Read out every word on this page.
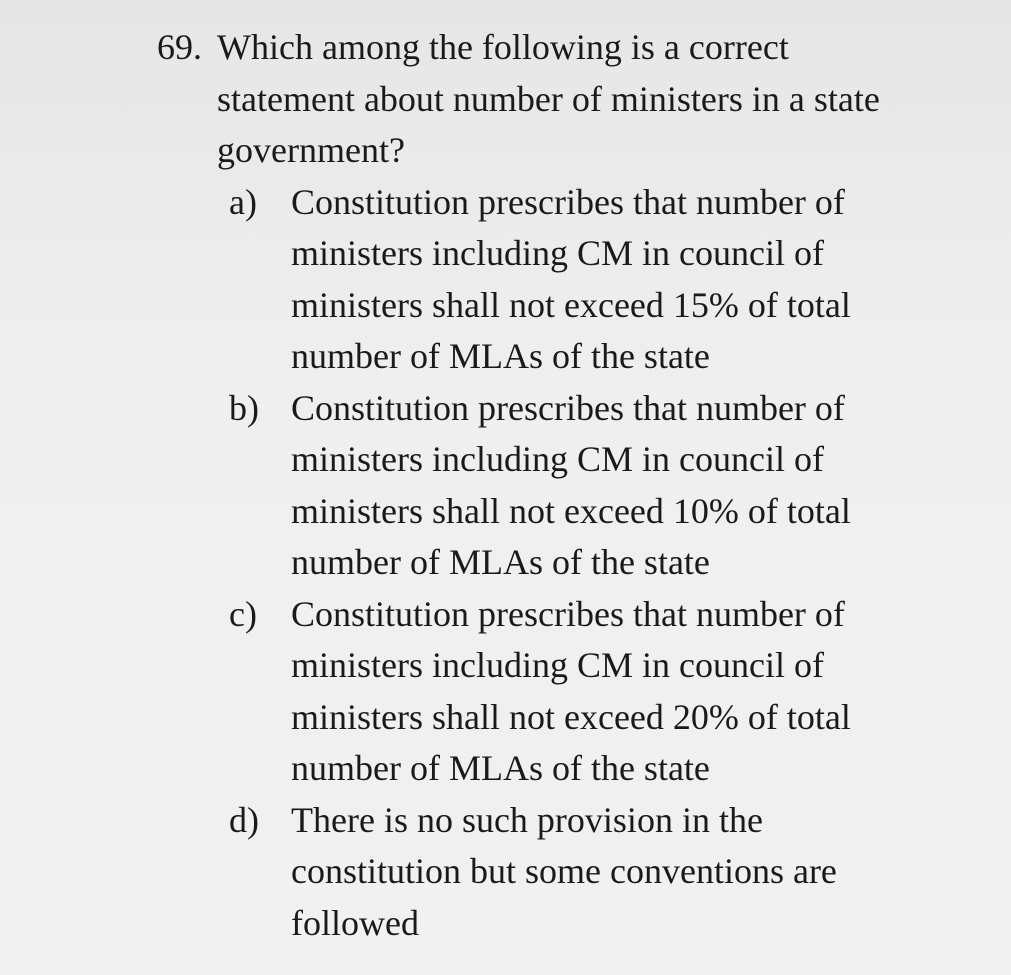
69. Which among the following is a correct
statement about number of ministers in a state
government?
a) Constitution prescribes that number of
ministers including CM in council of
ministers shall not exceed 15% of total
number of MLAs of the state
b) Constitution prescribes that number of
ministers including CM in council of
ministers shall not exceed 10% of total
number of MLAs of the state
c) Constitution prescribes that number of
ministers including CM in council of
ministers shall not exceed 20% of total
number of MLAs of the state
d) There is no such provision in the
constitution but some conventions are
followed
